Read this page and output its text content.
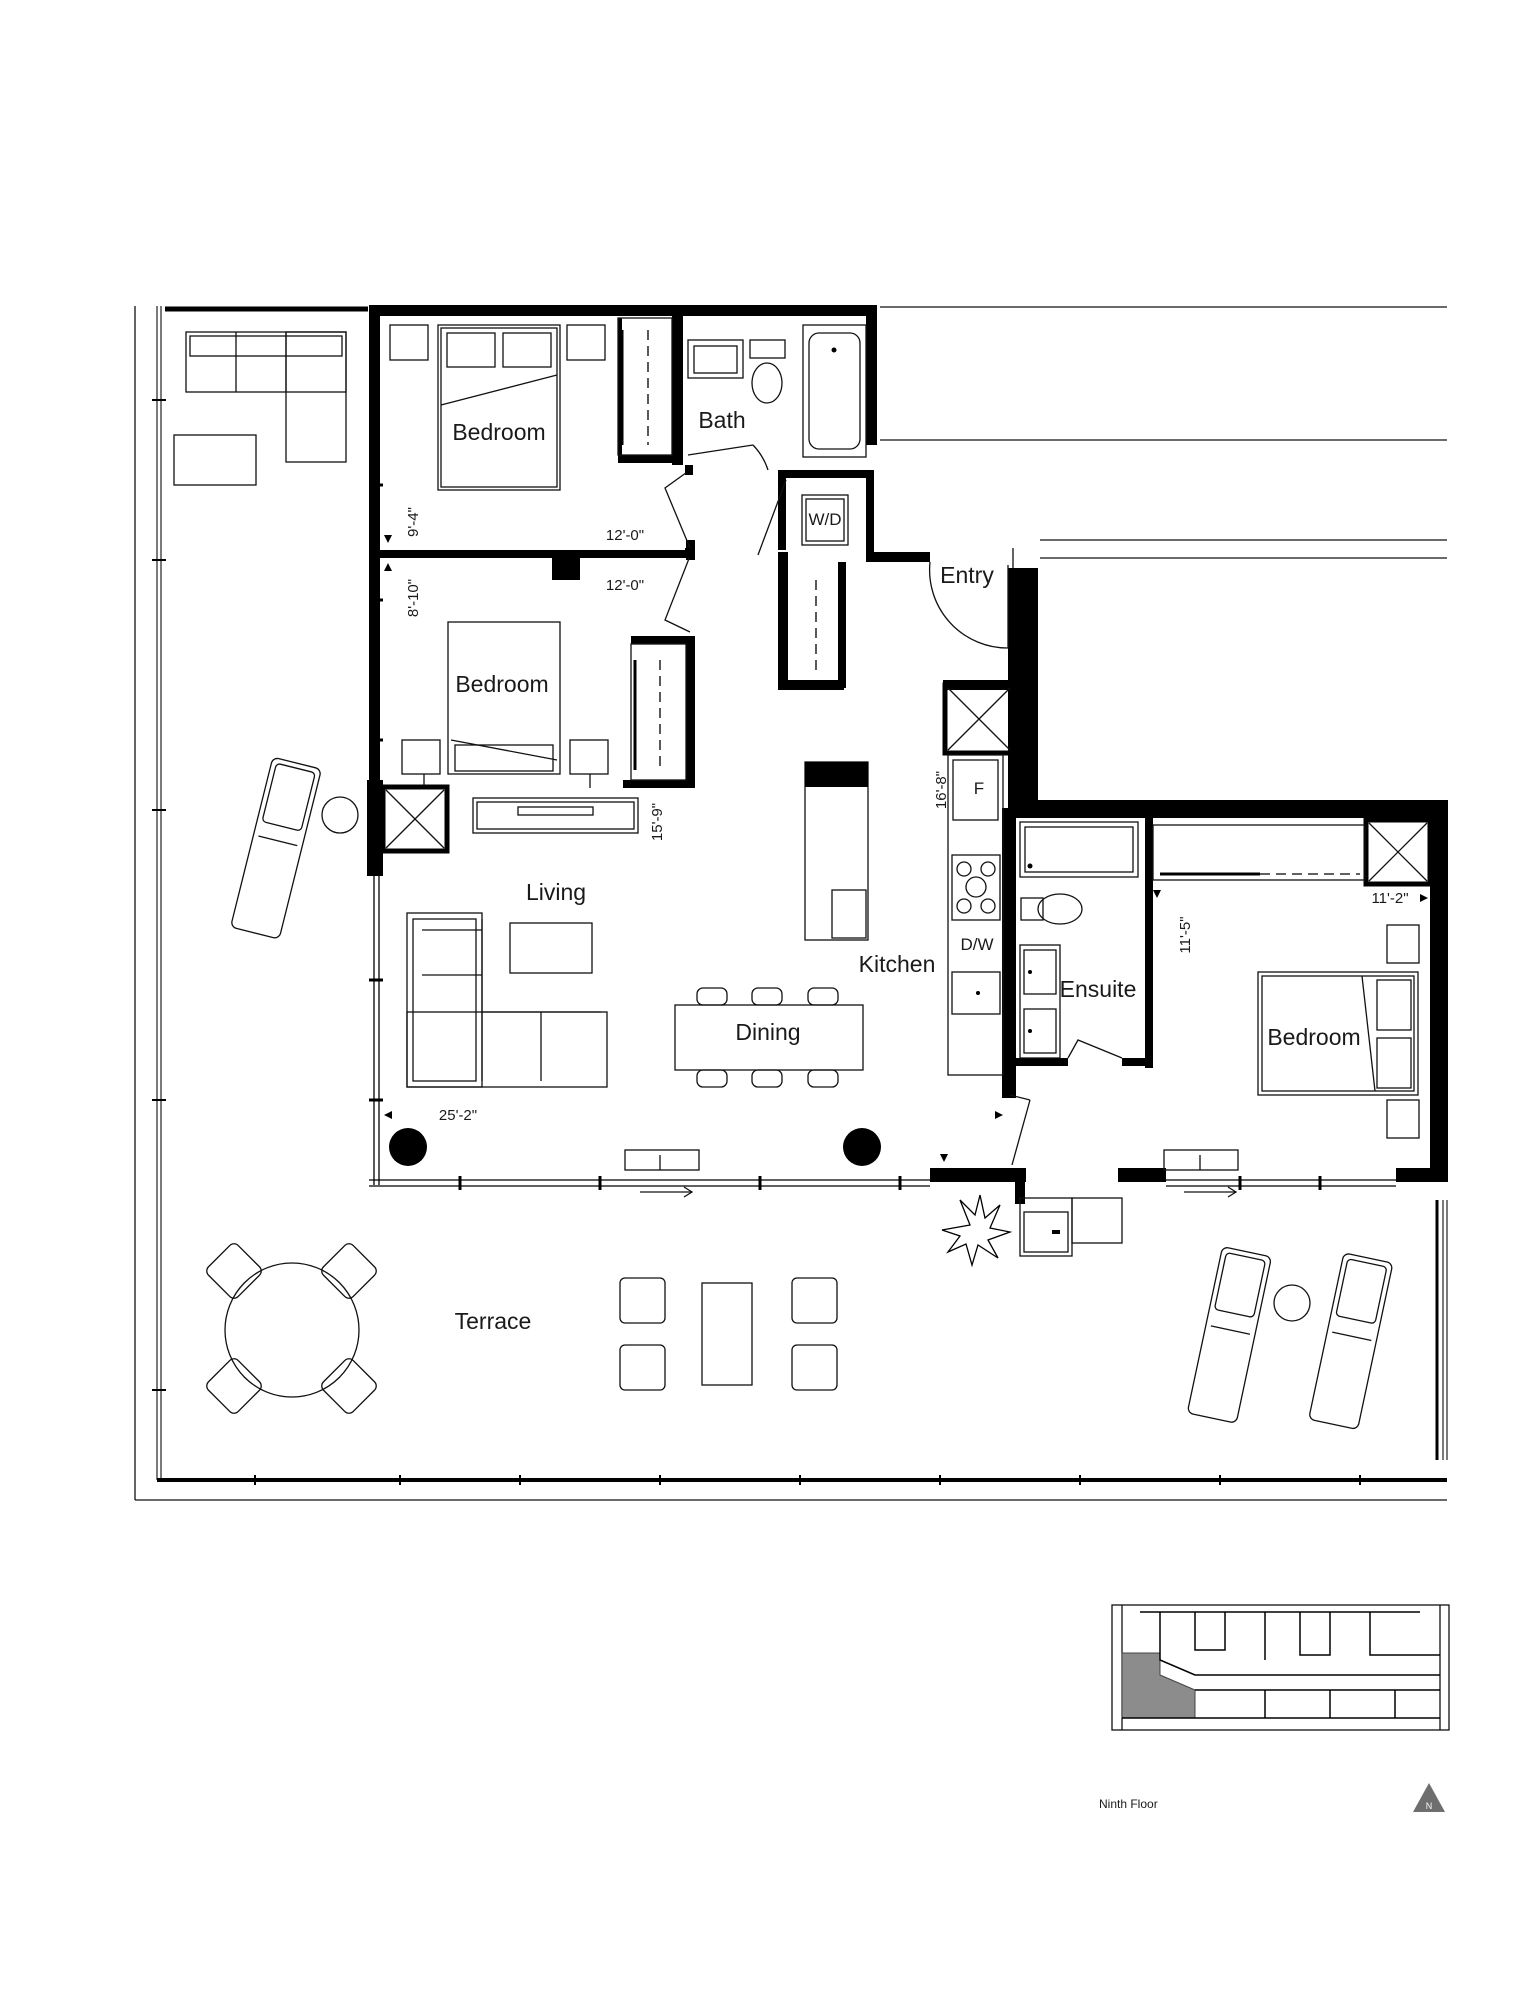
Bedroom
Bedroom
Bath
W/D
Entry
Living
Kitchen
Dining
Ensuite
Bedroom
Terrace
F
D/W
12'-0"
9'-4"
12'-0"
8'-10"
25'-2"
15'-9"
16'-8"
11'-2"
11'-5"
Ninth Floor	N
